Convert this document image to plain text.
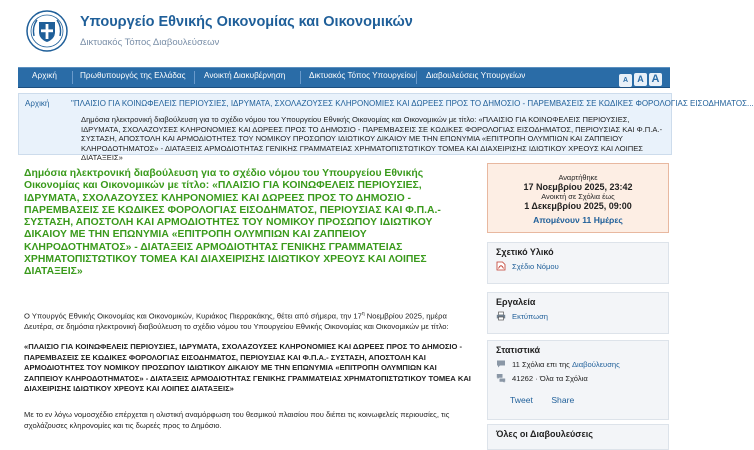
Υπουργείο Εθνικής Οικονομίας και Οικονομικών
Δικτυακός Τόπος Διαβουλεύσεων
Αρχική	Πρωθυπουργός της Ελλάδας Ανοικτή Διακυβέρνηση	Δικτυακός Τόπος Υπουργείου Διαβουλεύσεις Υπουργείων
A A A
Αρχική	"ΠΛΑΙΣΙΟ ΓΙΑ ΚΟΙΝΩΦΕΛΕΙΣ ΠΕΡΙΟΥΣΙΕΣ, ΙΔΡΥΜΑΤΑ, ΣΧΟΛΑΖΟΥΣΕΣ ΚΛΗΡΟΝΟΜΙΕΣ ΚΑΙ ΔΩΡΕΕΣ ΠΡΟΣ ΤΟ ΔΗΜΟΣΙΟ - ΠΑΡΕΜΒΑΣΕΙΣ ΣΕ ΚΩΔΙΚΕΣ ΦΟΡΟΛΟΓΙΑΣ ΕΙΣΟΔΗΜΑΤΟΣ...
Δημόσια ηλεκτρονική διαβούλευση για το σχέδιο νόμου του Υπουργείου Εθνικής Οικονομίας και Οικονομικών με τίτλο: «ΠΛΑΙΣΙΟ ΓΙΑ ΚΟΙΝΩΦΕΛΕΙΣ ΠΕΡΙΟΥΣΙΕΣ, ΙΔΡΥΜΑΤΑ, ΣΧΟΛΑΖΟΥΣΕΣ ΚΛΗΡΟΝΟΜΙΕΣ ΚΑΙ ΔΩΡΕΕΣ ΠΡΟΣ ΤΟ ΔΗΜΟΣΙΟ - ΠΑΡΕΜΒΑΣΕΙΣ ΣΕ ΚΩΔΙΚΕΣ ΦΟΡΟΛΟΓΙΑΣ ΕΙΣΟΔΗΜΑΤΟΣ, ΠΕΡΙΟΥΣΙΑΣ ΚΑΙ Φ.Π.Α.- ΣΥΣΤΑΣΗ, ΑΠΟΣΤΟΛΗ ΚΑΙ ΑΡΜΟΔΙΟΤΗΤΕΣ ΤΟΥ ΝΟΜΙΚΟΥ ΠΡΟΣΩΠΟΥ ΙΔΙΩΤΙΚΟΥ ΔΙΚΑΙΟΥ ΜΕ ΤΗΝ ΕΠΩΝΥΜΙΑ «ΕΠΙΤΡΟΠΗ ΟΛΥΜΠΙΩΝ ΚΑΙ ΖΑΠΠΕΙΟΥ ΚΛΗΡΟΔΟΤΗΜΑΤΟΣ» - ΔΙΑΤΑΞΕΙΣ ΑΡΜΟΔΙΟΤΗΤΑΣ ΓΕΝΙΚΗΣ ΓΡΑΜΜΑΤΕΙΑΣ ΧΡΗΜΑΤΟΠΙΣΤΩΤΙΚΟΥ ΤΟΜΕΑ ΚΑΙ ΔΙΑΧΕΙΡΙΣΗΣ ΙΔΙΩΤΙΚΟΥ ΧΡΕΟΥΣ ΚΑΙ ΛΟΙΠΕΣ ΔΙΑΤΑΞΕΙΣ»
Δημόσια ηλεκτρονική διαβούλευση για το σχέδιο νόμου του Υπουργείου Εθνικής Οικονομίας και Οικονομικών με τίτλο: «ΠΛΑΙΣΙΟ ΓΙΑ ΚΟΙΝΩΦΕΛΕΙΣ ΠΕΡΙΟΥΣΙΕΣ, ΙΔΡΥΜΑΤΑ, ΣΧΟΛΑΖΟΥΣΕΣ ΚΛΗΡΟΝΟΜΙΕΣ ΚΑΙ ΔΩΡΕΕΣ ΠΡΟΣ ΤΟ ΔΗΜΟΣΙΟ - ΠΑΡΕΜΒΑΣΕΙΣ ΣΕ ΚΩΔΙΚΕΣ ΦΟΡΟΛΟΓΙΑΣ ΕΙΣΟΔΗΜΑΤΟΣ, ΠΕΡΙΟΥΣΙΑΣ ΚΑΙ Φ.Π.Α.- ΣΥΣΤΑΣΗ, ΑΠΟΣΤΟΛΗ ΚΑΙ ΑΡΜΟΔΙΟΤΗΤΕΣ ΤΟΥ ΝΟΜΙΚΟΥ ΠΡΟΣΩΠΟΥ ΙΔΙΩΤΙΚΟΥ ΔΙΚΑΙΟΥ ΜΕ ΤΗΝ ΕΠΩΝΥΜΙΑ «ΕΠΙΤΡΟΠΗ ΟΛΥΜΠΙΩΝ ΚΑΙ ΖΑΠΠΕΙΟΥ ΚΛΗΡΟΔΟΤΗΜΑΤΟΣ» - ΔΙΑΤΑΞΕΙΣ ΑΡΜΟΔΙΟΤΗΤΑΣ ΓΕΝΙΚΗΣ ΓΡΑΜΜΑΤΕΙΑΣ ΧΡΗΜΑΤΟΠΙΣΤΩΤΙΚΟΥ ΤΟΜΕΑ ΚΑΙ ΔΙΑΧΕΙΡΙΣΗΣ ΙΔΙΩΤΙΚΟΥ ΧΡΕΟΥΣ ΚΑΙ ΛΟΙΠΕΣ ΔΙΑΤΑΞΕΙΣ»
Αναρτήθηκε
17 Νοεμβρίου 2025, 23:42
Ανοικτή σε Σχόλια έως
1 Δεκεμβρίου 2025, 09:00
Απομένουν 11 Ημέρες
Σχετικό Υλικό
Σχέδιο Νόμου
Εργαλεία
Εκτύπωση
Στατιστικά
11 Σχόλια επι της
Διαβούλευσης
41262 · Όλα τα Σχόλια
Tweet Share
Όλες οι Διαβουλεύσεις
Ο Υπουργός Εθνικής Οικονομίας και Οικονομικών, Κυριάκος Πιερρακάκης, θέτει από σήμερα, την $17^\eta$ Νοεμβρίου 2025, ημέρα Δευτέρα, σε δημόσια ηλεκτρονική διαβούλευση το σχέδιο νόμου του Υπουργείου Εθνικής Οικονομίας και Οικονομικών με τίτλο:
«ΠΛΑΙΣΙΟ ΓΙΑ ΚΟΙΝΩΦΕΛΕΙΣ ΠΕΡΙΟΥΣΙΕΣ, ΙΔΡΥΜΑΤΑ, ΣΧΟΛΑΖΟΥΣΕΣ ΚΛΗΡΟΝΟΜΙΕΣ ΚΑΙ ΔΩΡΕΕΣ ΠΡΟΣ ΤΟ ΔΗΜΟΣΙΟ - ΠΑΡΕΜΒΑΣΕΙΣ ΣΕ ΚΩΔΙΚΕΣ ΦΟΡΟΛΟΓΙΑΣ ΕΙΣΟΔΗΜΑΤΟΣ, ΠΕΡΙΟΥΣΙΑΣ ΚΑΙ Φ.Π.Α.- ΣΥΣΤΑΣΗ, ΑΠΟΣΤΟΛΗ ΚΑΙ ΑΡΜΟΔΙΟΤΗΤΕΣ ΤΟΥ ΝΟΜΙΚΟΥ ΠΡΟΣΩΠΟΥ ΙΔΙΩΤΙΚΟΥ ΔΙΚΑΙΟΥ ΜΕ ΤΗΝ ΕΠΩΝΥΜΙΑ «ΕΠΙΤΡΟΠΗ ΟΛΥΜΠΙΩΝ ΚΑΙ ΖΑΠΠΕΙΟΥ ΚΛΗΡΟΔΟΤΗΜΑΤΟΣ» - ΔΙΑΤΑΞΕΙΣ ΑΡΜΟΔΙΟΤΗΤΑΣ ΓΕΝΙΚΗΣ ΓΡΑΜΜΑΤΕΙΑΣ ΧΡΗΜΑΤΟΠΙΣΤΩΤΙΚΟΥ ΤΟΜΕΑ ΚΑΙ ΔΙΑΧΕΙΡΙΣΗΣ ΙΔΙΩΤΙΚΟΥ ΧΡΕΟΥΣ ΚΑΙ ΛΟΙΠΕΣ ΔΙΑΤΑΞΕΙΣ»
Με το εν λόγω νομοσχέδιο επέρχεται η ολιστική αναμόρφωση του θεσμικού πλαισίου που διέπει τις κοινωφελείς περιουσίες, τις σχολάζουσες κληρονομίες και τις δωρεές προς το Δημόσιο.
